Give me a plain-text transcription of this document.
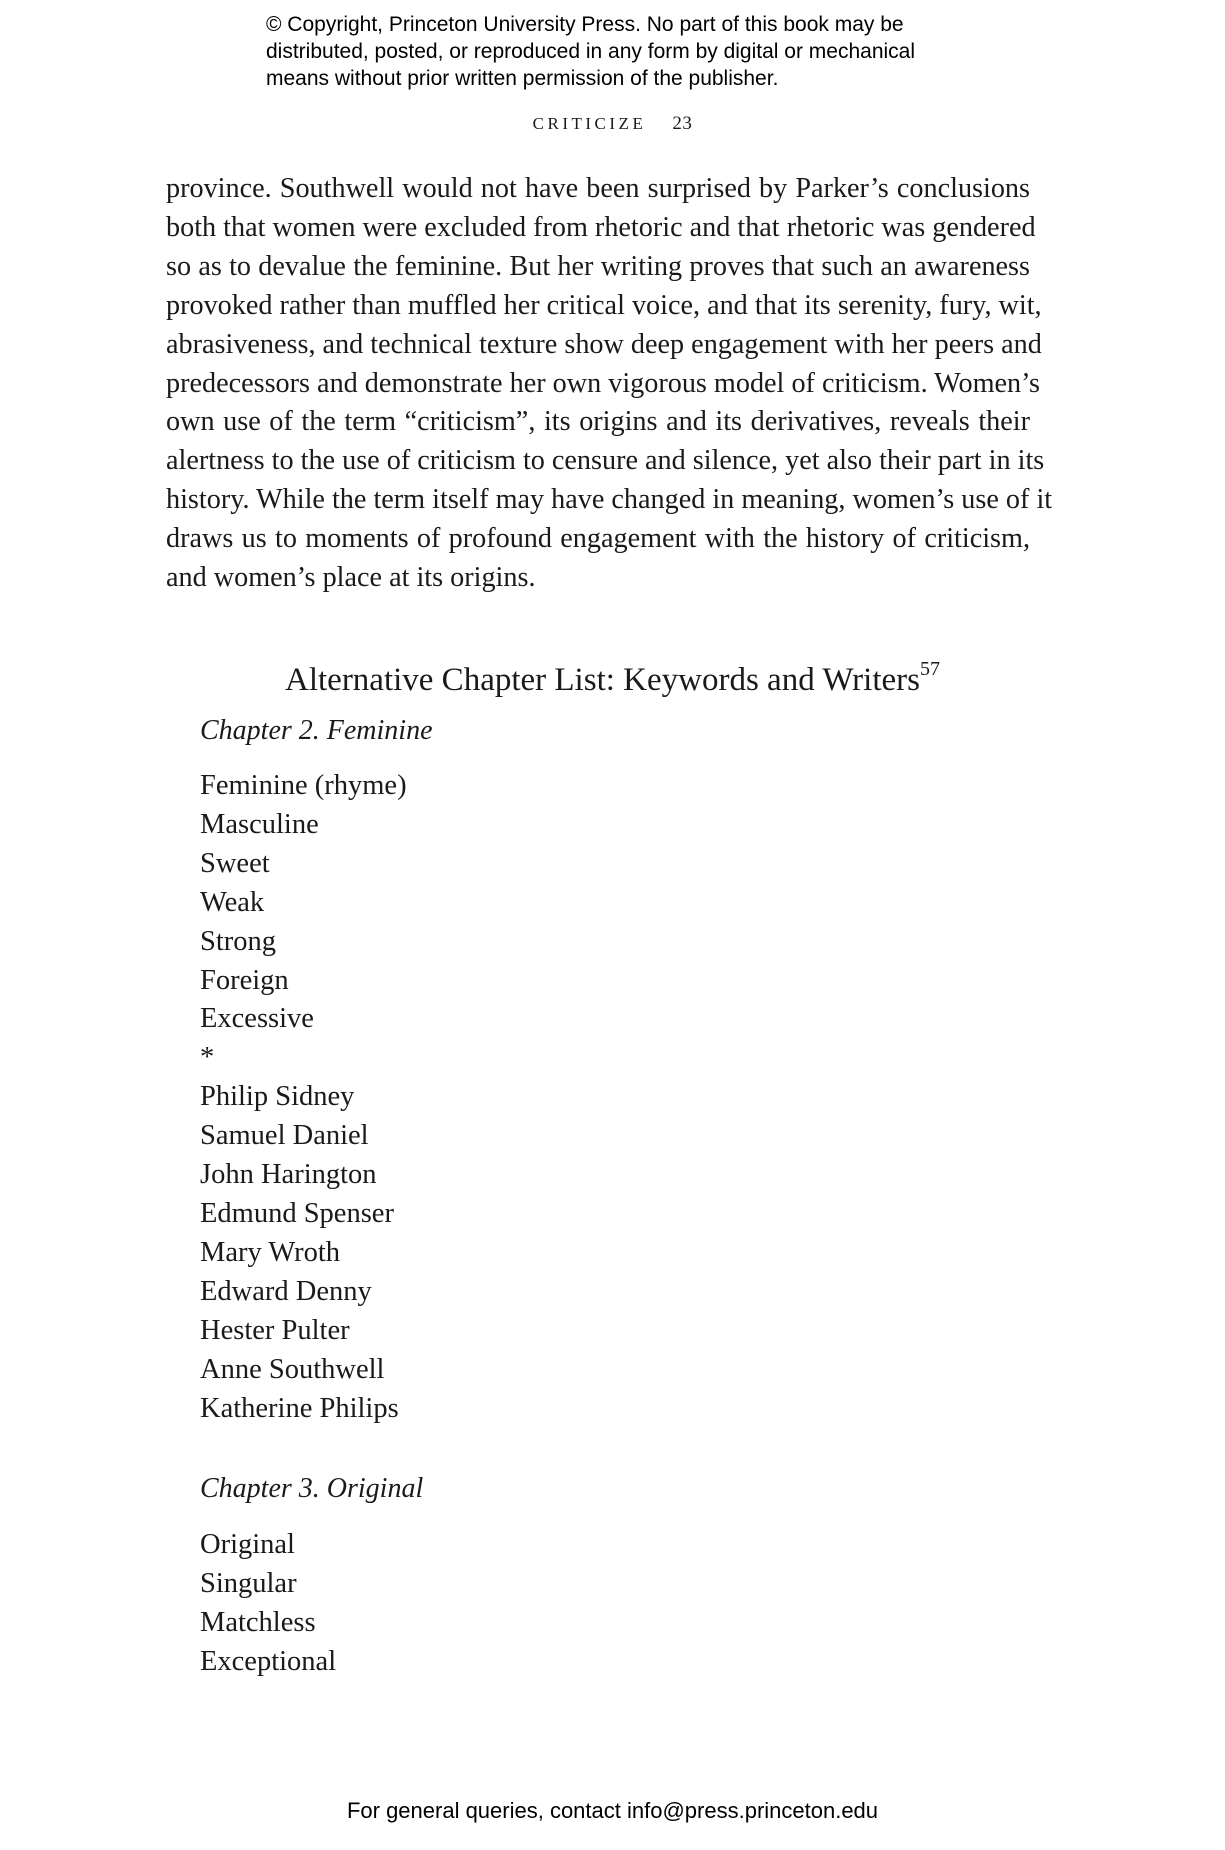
© Copyright, Princeton University Press. No part of this book may be
distributed, posted, or reproduced in any form by digital or mechanical
means without prior written permission of the publisher.
CRITICIZE 23
province. Southwell would not have been surprised by Parker’s conclusions
both that women were excluded from rhetoric and that rhetoric was gendered
so as to devalue the feminine. But her writing proves that such an awareness
provoked rather than muffled her critical voice, and that its serenity, fury, wit,
abrasiveness, and technical texture show deep engagement with her peers and
predecessors and demonstrate her own vigorous model of criticism. Women’s
own use of the term “criticism”, its origins and its derivatives, reveals their
alertness to the use of criticism to censure and silence, yet also their part in its
history. While the term itself may have changed in meaning, women’s use of it
draws us to moments of profound engagement with the history of criticism,
and women’s place at its origins.
Alternative Chapter List: Keywords and Writers$^{57}$
Chapter 2. Feminine
Feminine (rhyme)
Masculine
Sweet
Weak
Strong
Foreign
Excessive
*
Philip Sidney
Samuel Daniel
John Harington
Edmund Spenser
Mary Wroth
Edward Denny
Hester Pulter
Anne Southwell
Katherine Philips
Chapter 3. Original
Original
Singular
Matchless
Exceptional
For general queries, contact info@press.princeton.edu
